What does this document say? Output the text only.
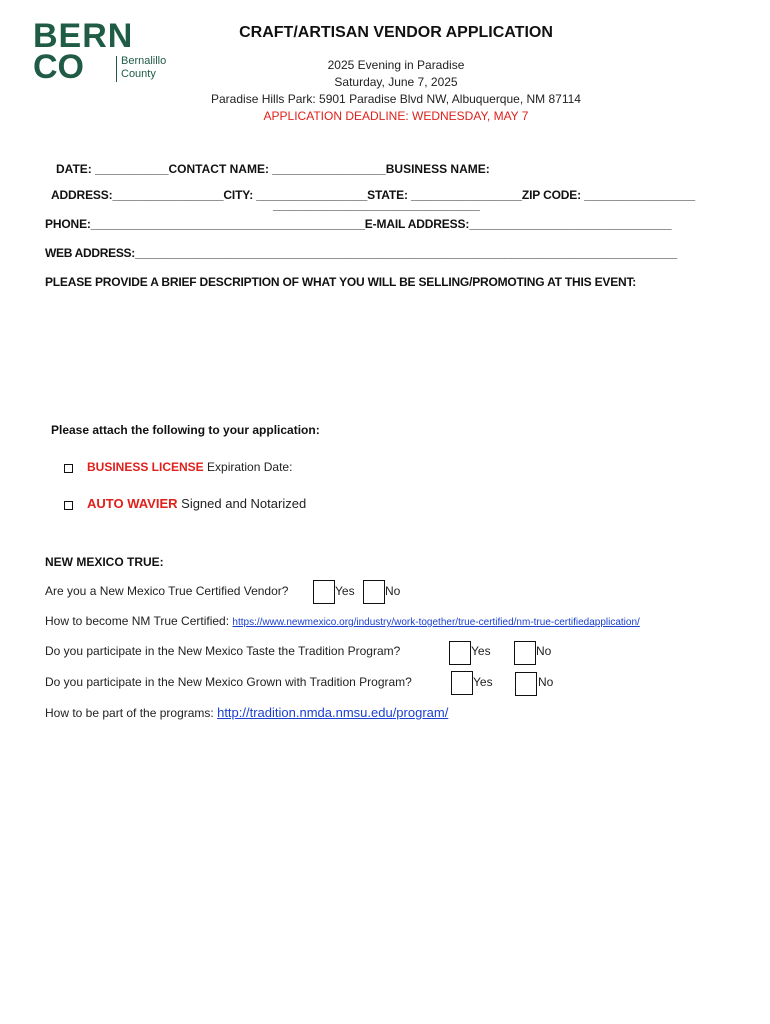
BERN
CO	Bernalillo
County
CRAFT/ARTISAN VENDOR APPLICATION
2025 Evening in Paradise
Saturday, June 7, 2025
Paradise Hills Park: 5901 Paradise Blvd NW, Albuquerque, NM 87114
APPLICATION DEADLINE: WEDNESDAY, MAY 7
DATE: ___________CONTACT NAME: _________________BUSINESS NAME:
ADDRESS:_________________CITY: _________________STATE: _________________ZIP CODE: _________________
_______________________________
PHONE:__________________________________________E-MAIL ADDRESS:_______________________________
WEB ADDRESS:_____________________________________________________________________________________
PLEASE PROVIDE A BRIEF DESCRIPTION OF WHAT YOU WILL BE SELLING/PROMOTING AT THIS EVENT:
Please attach the following to your application:
BUSINESS LICENSE Expiration Date:
AUTO WAVIER Signed and Notarized
NEW MEXICO TRUE:
Are you a New Mexico True Certified Vendor?	Yes	No
How to become NM True Certified: https://www.newmexico.org/industry/work-together/true-certified/nm-true-certifiedapplication/
Do you participate in the New Mexico Taste the Tradition Program?	Yes	No
Do you participate in the New Mexico Grown with Tradition Program?	Yes	No
How to be part of the programs: http://tradition.nmda.nmsu.edu/program/
